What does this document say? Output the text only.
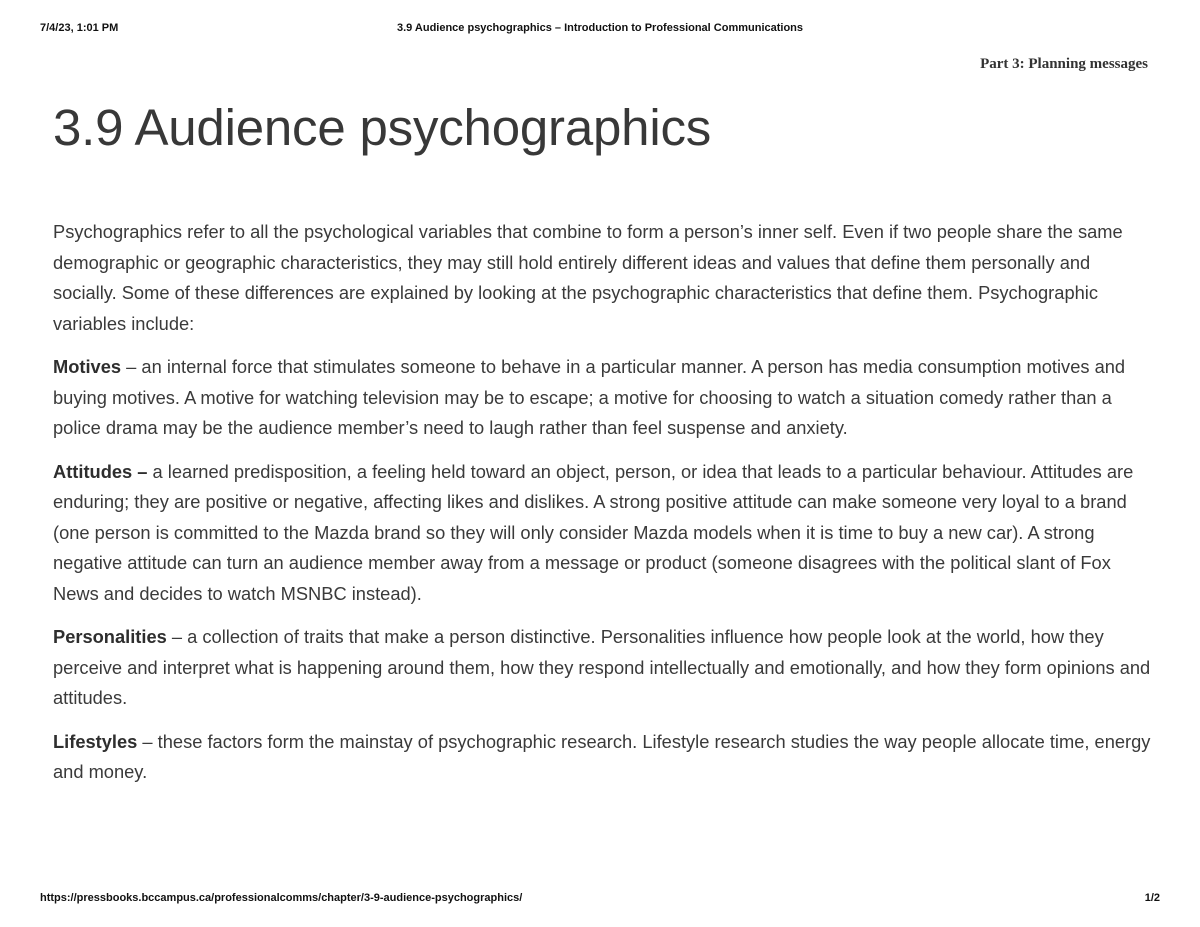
7/4/23, 1:01 PM	3.9 Audience psychographics – Introduction to Professional Communications
Part 3: Planning messages
3.9 Audience psychographics

Psychographics refer to all the psychological variables that combine to form a person’s inner self. Even if two people share the same demographic or geographic characteristics, they may still hold entirely different ideas and values that define them personally and socially. Some of these differences are explained by looking at the psychographic characteristics that define them. Psychographic variables include:

Motives – an internal force that stimulates someone to behave in a particular manner. A person has media consumption motives and buying motives. A motive for watching television may be to escape; a motive for choosing to watch a situation comedy rather than a police drama may be the audience member’s need to laugh rather than feel suspense and anxiety.

Attitudes – a learned predisposition, a feeling held toward an object, person, or idea that leads to a particular behaviour. Attitudes are enduring; they are positive or negative, affecting likes and dislikes. A strong positive attitude can make someone very loyal to a brand (one person is committed to the Mazda brand so they will only consider Mazda models when it is time to buy a new car). A strong negative attitude can turn an audience member away from a message or product (someone disagrees with the political slant of Fox News and decides to watch MSNBC instead).

Personalities – a collection of traits that make a person distinctive. Personalities influence how people look at the world, how they perceive and interpret what is happening around them, how they respond intellectually and emotionally, and how they form opinions and attitudes.

Lifestyles – these factors form the mainstay of psychographic research. Lifestyle research studies the way people allocate time, energy and money.

https://pressbooks.bccampus.ca/professionalcomms/chapter/3-9-audience-psychographics/	1/2
